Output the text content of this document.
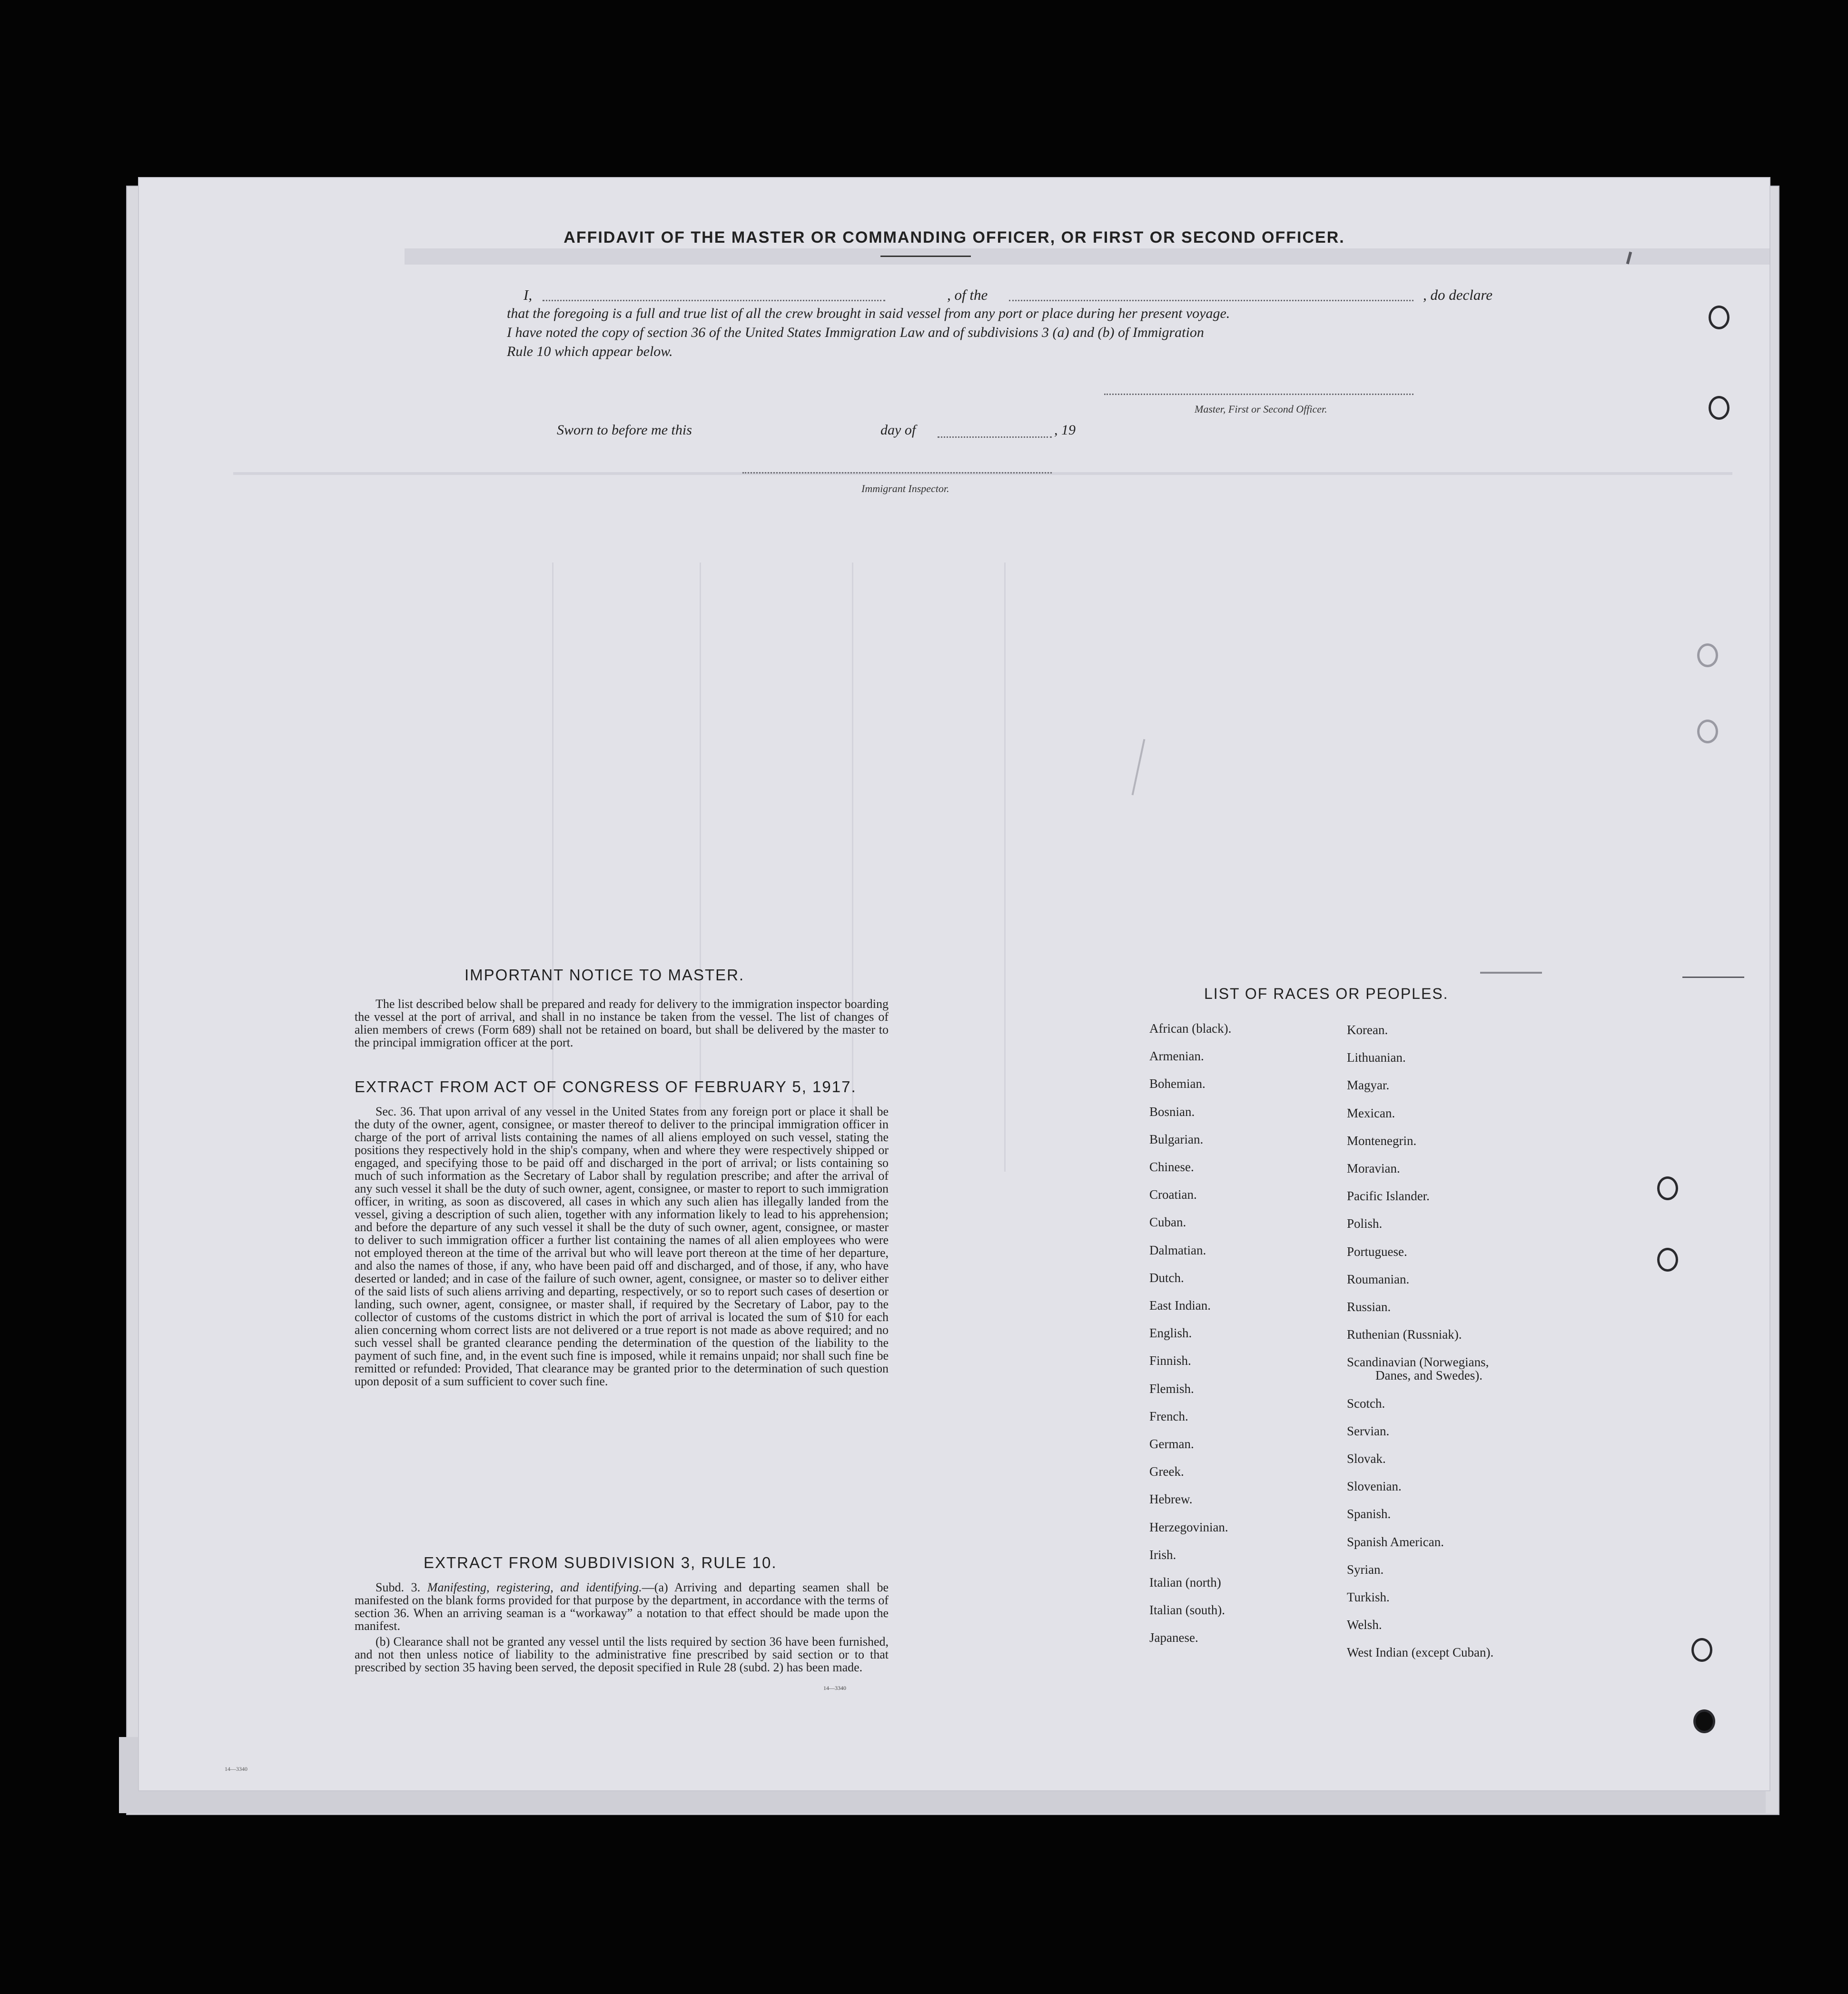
AFFIDAVIT OF THE MASTER OR COMMANDING OFFICER, OR FIRST OR SECOND OFFICER.
I,	, of the	, do declare
that the foregoing is a full and true list of all the crew brought in said vessel from any port or place during her present voyage.
I have noted the copy of section 36 of the United States Immigration Law and of subdivisions 3 (a) and (b) of Immigration
Rule 10 which appear below.
Master, First or Second Officer.
Sworn to before me this	day of	, 19
Immigrant Inspector.
IMPORTANT NOTICE TO MASTER.

The list described below shall be prepared and ready for delivery to the immigration inspector boarding the vessel at the port of arrival, and shall in no instance be taken from the vessel. The list of changes of alien members of crews (Form 689) shall not be retained on board, but shall be delivered by the master to the principal immigration officer at the port.

EXTRACT FROM ACT OF CONGRESS OF FEBRUARY 5, 1917.

Sec. 36. That upon arrival of any vessel in the United States from any foreign port or place it shall be the duty of the owner, agent, consignee, or master thereof to deliver to the principal immigration officer in charge of the port of arrival lists containing the names of all aliens employed on such vessel, stating the positions they respectively hold in the ship's company, when and where they were respectively shipped or engaged, and specifying those to be paid off and discharged in the port of arrival; or lists containing so much of such information as the Secretary of Labor shall by regulation prescribe; and after the arrival of any such vessel it shall be the duty of such owner, agent, consignee, or master to report to such immigration officer, in writing, as soon as discovered, all cases in which any such alien has illegally landed from the vessel, giving a description of such alien, together with any information likely to lead to his apprehension; and before the departure of any such vessel it shall be the duty of such owner, agent, consignee, or master to deliver to such immigration officer a further list containing the names of all alien employees who were not employed thereon at the time of the arrival but who will leave port thereon at the time of her departure, and also the names of those, if any, who have been paid off and discharged, and of those, if any, who have deserted or landed; and in case of the failure of such owner, agent, consignee, or master so to deliver either of the said lists of such aliens arriving and departing, respectively, or so to report such cases of desertion or landing, such owner, agent, consignee, or master shall, if required by the Secretary of Labor, pay to the collector of customs of the customs district in which the port of arrival is located the sum of $10 for each alien concerning whom correct lists are not delivered or a true report is not made as above required; and no such vessel shall be granted clearance pending the determination of the question of the liability to the payment of such fine, and, in the event such fine is imposed, while it remains unpaid; nor shall such fine be remitted or refunded: Provided, That clearance may be granted prior to the determination of such question upon deposit of a sum sufficient to cover such fine.

EXTRACT FROM SUBDIVISION 3, RULE 10.

Subd. 3. Manifesting, registering, and identifying.—(a) Arriving and departing seamen shall be manifested on the blank forms provided for that purpose by the department, in accordance with the terms of section 36. When an arriving seaman is a “workaway” a notation to that effect should be made upon the manifest.

(b) Clearance shall not be granted any vessel until the lists required by section 36 have been furnished, and not then unless notice of liability to the administrative fine prescribed by said section or to that prescribed by section 35 having been served, the deposit specified in Rule 28 (subd. 2) has been made.

14—3340
LIST OF RACES OR PEOPLES.
African (black).
Armenian.
Bohemian.
Bosnian.
Bulgarian.
Chinese.
Croatian.
Cuban.
Dalmatian.
Dutch.
East Indian.
English.
Finnish.
Flemish.
French.
German.
Greek.
Hebrew.
Herzegovinian.
Irish.
Italian (north)
Italian (south).
Japanese.
Korean.
Lithuanian.
Magyar.
Mexican.
Montenegrin.
Moravian.
Pacific Islander.
Polish.
Portuguese.
Roumanian.
Russian.
Ruthenian (Russniak).
Scandinavian (Norwegians,
Danes, and Swedes).
Scotch.
Servian.
Slovak.
Slovenian.
Spanish.
Spanish American.
Syrian.
Turkish.
Welsh.
West Indian (except Cuban).
14—3340
